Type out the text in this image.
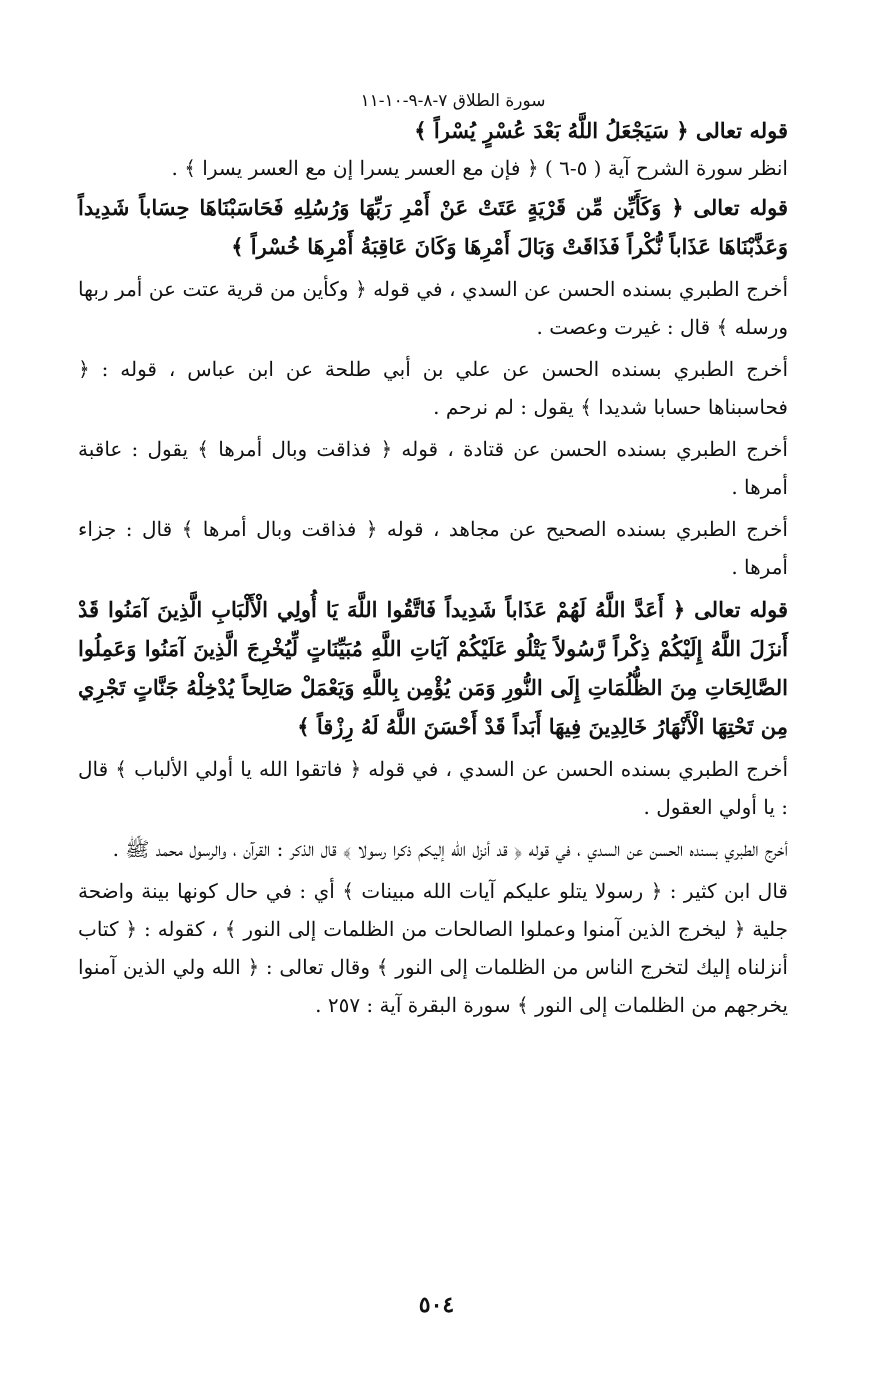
سورة الطلاق ٧-٨-٩-١٠-١١

قوله تعالى ﴿ سَيَجْعَلُ اللَّهُ بَعْدَ عُسْرٍ يُسْراً ﴾

انظر سورة الشرح آية ( ٥-٦ ) ﴿ فإن مع العسر يسرا إن مع العسر يسرا ﴾ .

قوله تعالى ﴿ وَكَأَيِّن مِّن قَرْيَةٍ عَتَتْ عَنْ أَمْرِ رَبِّهَا وَرُسُلِهِ فَحَاسَبْنَاهَا حِسَاباً شَدِيداً وَعَذَّبْنَاهَا عَذَاباً نُّكْراً فَذَاقَتْ وَبَالَ أَمْرِهَا وَكَانَ عَاقِبَةُ أَمْرِهَا خُسْراً ﴾

أخرج الطبري بسنده الحسن عن السدي ، في قوله ﴿ وكأين من قرية عتت عن أمر ربها ورسله ﴾ قال : غيرت وعصت .

أخرج الطبري بسنده الحسن عن علي بن أبي طلحة عن ابن عباس ، قوله : ﴿ فحاسبناها حسابا شديدا ﴾ يقول : لم نرحم .

أخرج الطبري بسنده الحسن عن قتادة ، قوله ﴿ فذاقت وبال أمرها ﴾ يقول : عاقبة أمرها .

أخرج الطبري بسنده الصحيح عن مجاهد ، قوله ﴿ فذاقت وبال أمرها ﴾ قال : جزاء أمرها .

قوله تعالى ﴿ أَعَدَّ اللَّهُ لَهُمْ عَذَاباً شَدِيداً فَاتَّقُوا اللَّهَ يَا أُولِي الْأَلْبَابِ الَّذِينَ آمَنُوا قَدْ أَنزَلَ اللَّهُ إِلَيْكُمْ ذِكْراً رَّسُولاً يَتْلُو عَلَيْكُمْ آيَاتِ اللَّهِ مُبَيِّنَاتٍ لِّيُخْرِجَ الَّذِينَ آمَنُوا وَعَمِلُوا الصَّالِحَاتِ مِنَ الظُّلُمَاتِ إِلَى النُّورِ وَمَن يُؤْمِن بِاللَّهِ وَيَعْمَلْ صَالِحاً يُدْخِلْهُ جَنَّاتٍ تَجْرِي مِن تَحْتِهَا الْأَنْهَارُ خَالِدِينَ فِيهَا أَبَداً قَدْ أَحْسَنَ اللَّهُ لَهُ رِزْقاً ﴾

أخرج الطبري بسنده الحسن عن السدي ، في قوله ﴿ فاتقوا الله يا أولي الألباب ﴾ قال : يا أولي العقول .

أخرج الطبري بسنده الحسن عن السدي ، في قوله ﴿ قد أنزل الله إليكم ذكرا رسولا ﴾ قال الذكر : القرآن ، والرسول محمد ﷺ .

قال ابن كثير : ﴿ رسولا يتلو عليكم آيات الله مبينات ﴾ أي : في حال كونها بينة واضحة جلية ﴿ ليخرج الذين آمنوا وعملوا الصالحات من الظلمات إلى النور ﴾ ، كقوله : ﴿ كتاب أنزلناه إليك لتخرج الناس من الظلمات إلى النور ﴾ وقال تعالى : ﴿ الله ولي الذين آمنوا يخرجهم من الظلمات إلى النور ﴾ سورة البقرة آية : ٢٥٧ .

٥٠٤
